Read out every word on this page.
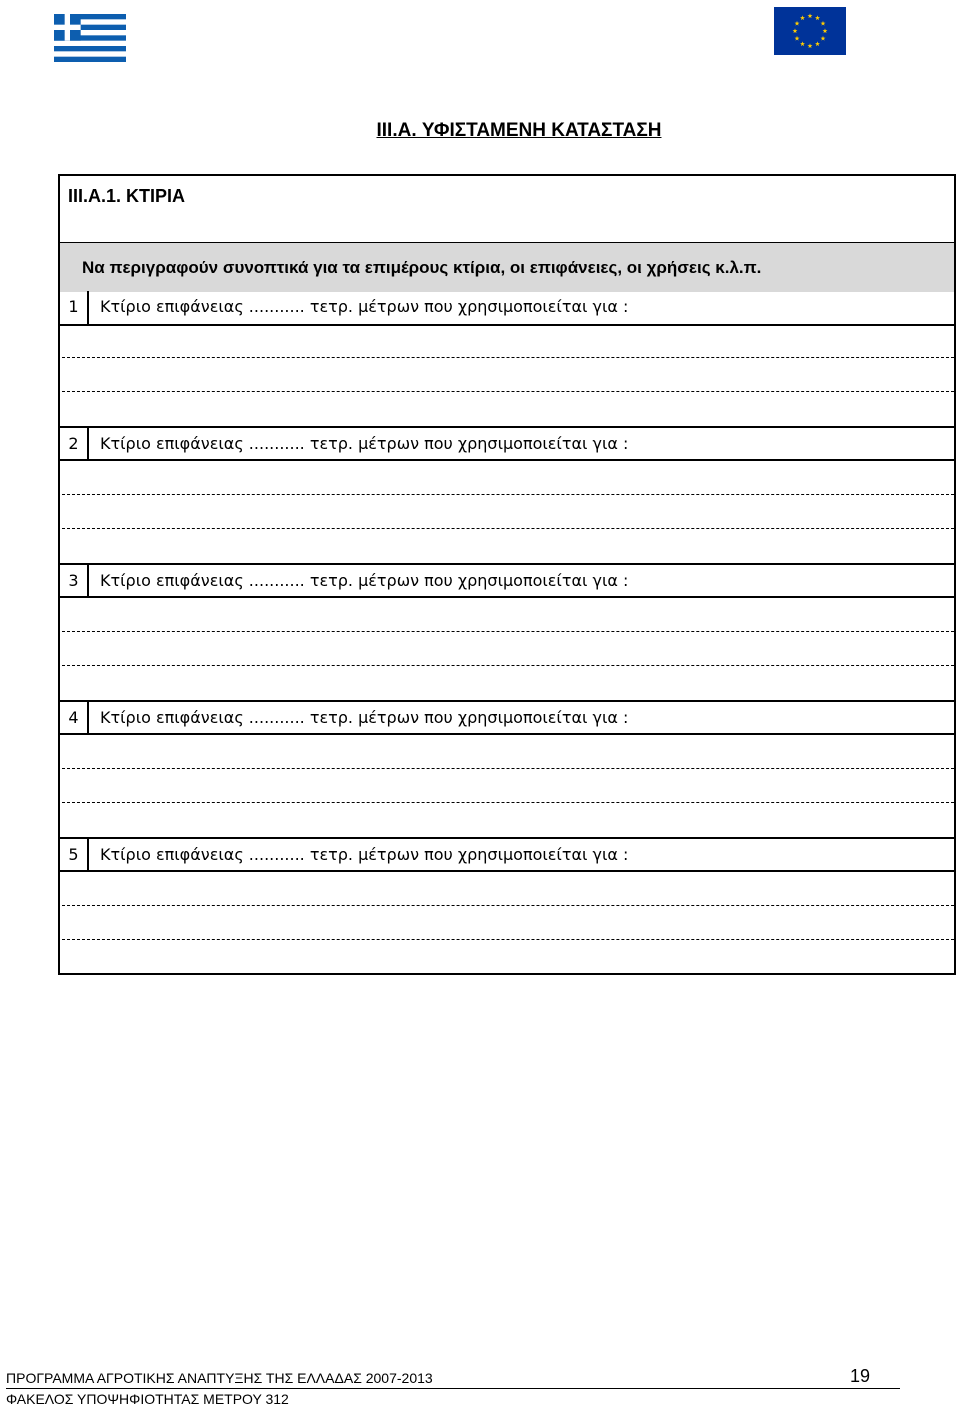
III.A. ΥΦΙΣΤΑΜΕΝΗ ΚΑΤΑΣΤΑΣΗ
III.A.1. ΚΤΙΡΙΑ
Να περιγραφούν συνοπτικά για τα επιμέρους κτίρια, οι επιφάνειες, οι χρήσεις κ.λ.π.
1	Κτίριο επιφάνειας ........... τετρ. μέτρων που χρησιμοποιείται για :
2	Κτίριο επιφάνειας ........... τετρ. μέτρων που χρησιμοποιείται για :
3	Κτίριο επιφάνειας ........... τετρ. μέτρων που χρησιμοποιείται για :
4	Κτίριο επιφάνειας ........... τετρ. μέτρων που χρησιμοποιείται για :
5	Κτίριο επιφάνειας ........... τετρ. μέτρων που χρησιμοποιείται για :
ΠΡΟΓΡΑΜΜΑ ΑΓΡΟΤΙΚΗΣ ΑΝΑΠΤΥΞΗΣ ΤΗΣ ΕΛΛΑΔΑΣ 2007-2013	19
ΦΑΚΕΛΟΣ ΥΠΟΨΗΦΙΟΤΗΤΑΣ ΜΕΤΡΟΥ 312
